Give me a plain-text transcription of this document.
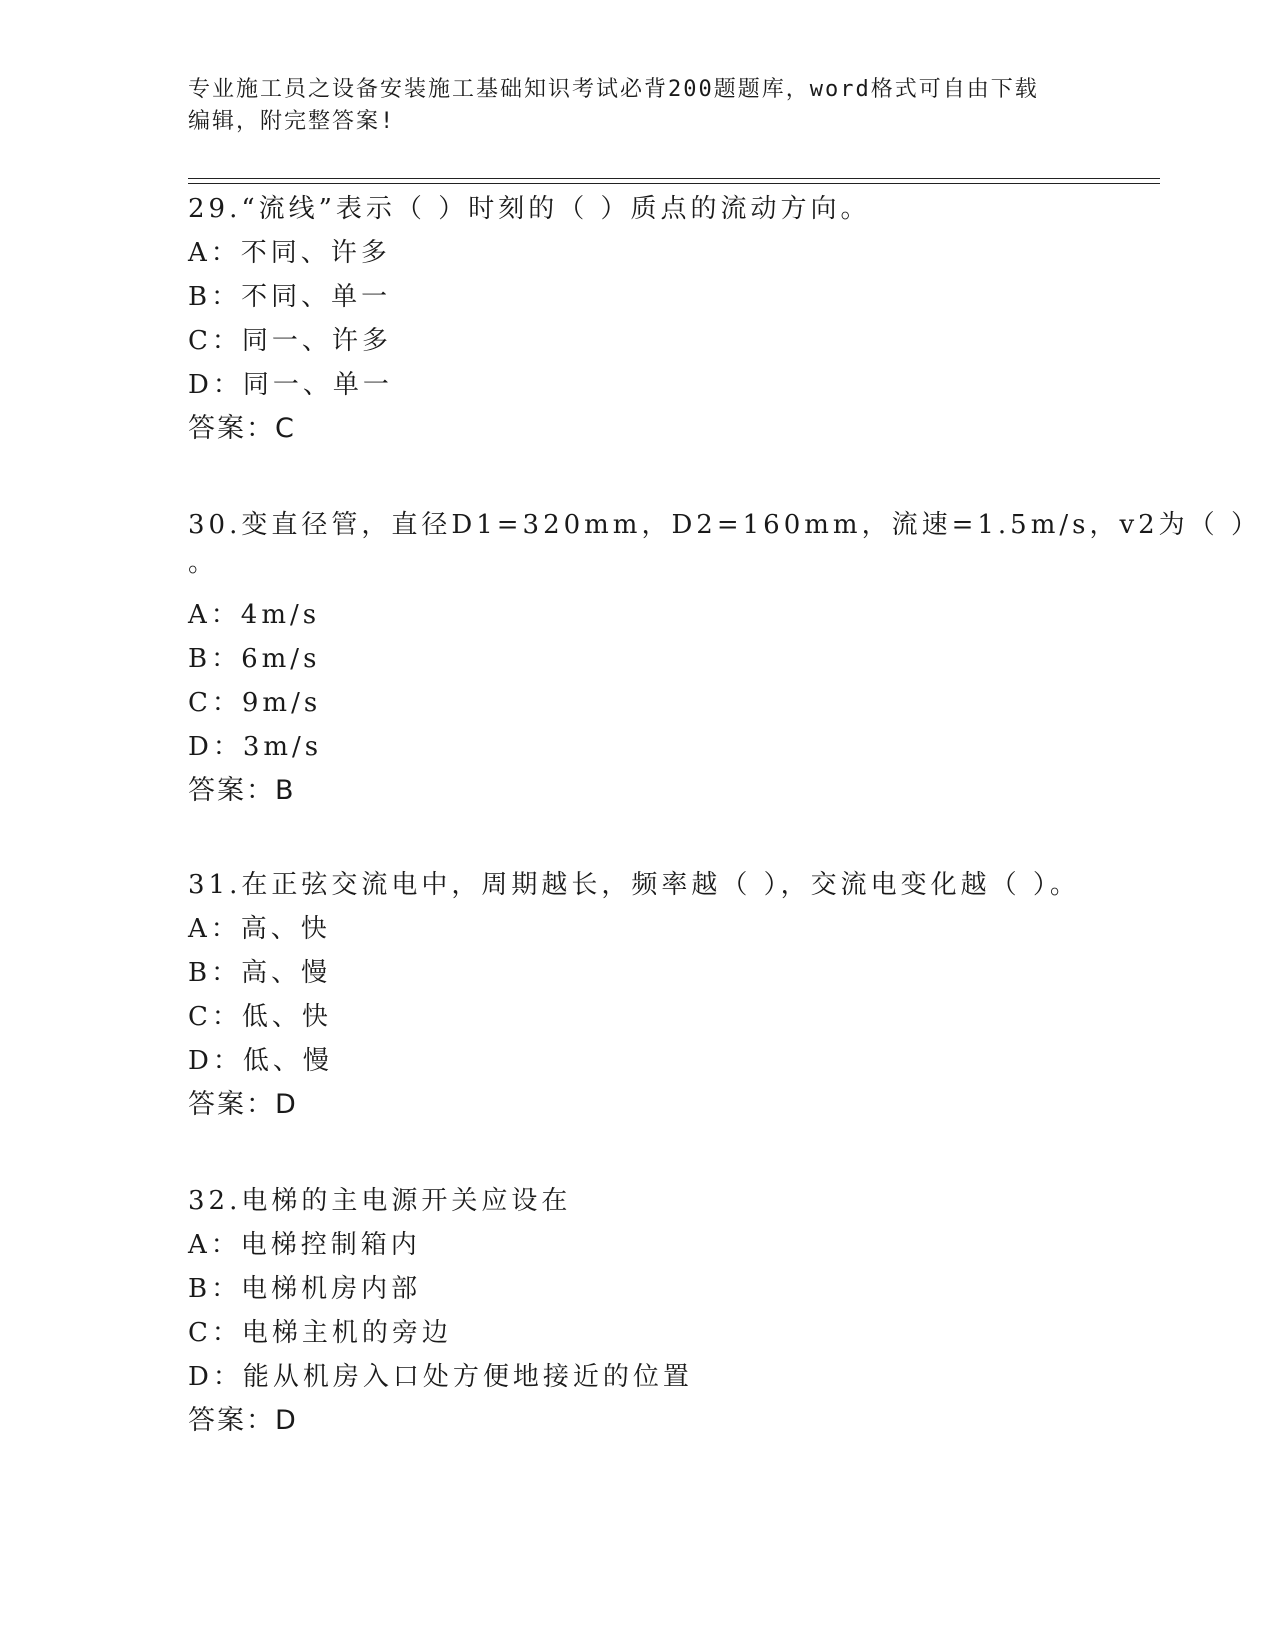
专业施工员之设备安装施工基础知识考试必背200题题库，word格式可自由下载
编辑，附完整答案!
29.“流线”表示（ ）时刻的（ ）质点的流动方向。
A：不同、许多
B：不同、单一
C：同一、许多
D：同一、单一
答案：C
30.变直径管，直径D1=320mm，D2=160mm，流速=1.5m/s，v2为（ ）
。
A：4m/s
B：6m/s
C：9m/s
D：3m/s
答案：B
31.在正弦交流电中，周期越长，频率越（ ），交流电变化越（ ）。
A：高、快
B：高、慢
C：低、快
D：低、慢
答案：D
32.电梯的主电源开关应设在
A：电梯控制箱内
B：电梯机房内部
C：电梯主机的旁边
D：能从机房入口处方便地接近的位置
答案：D
